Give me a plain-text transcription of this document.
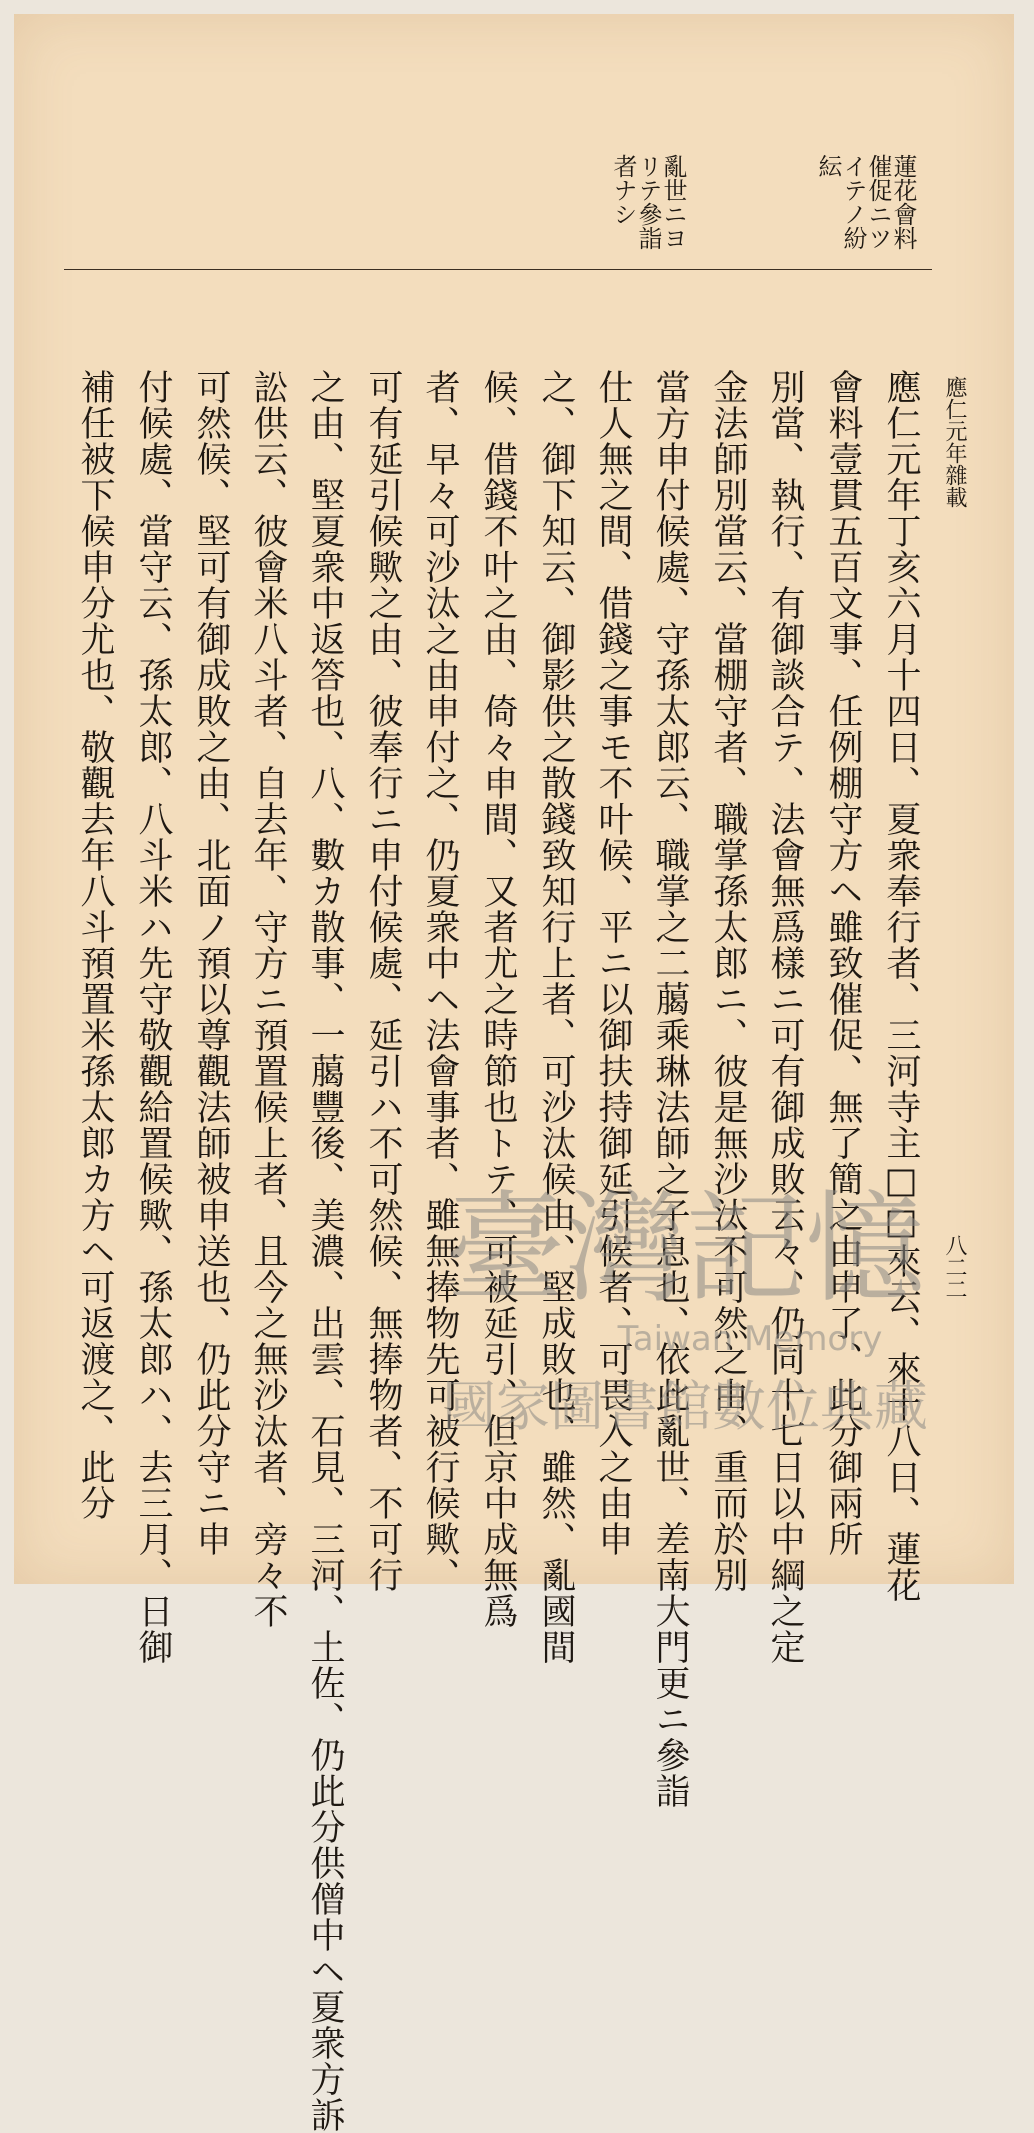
應仁元年雜載
八二二
蓮花會料
催促ニツ
イテノ紛
紜
亂世ニヨ
リテ參詣
者ナシ
應仁元年丁亥六月十四日、夏衆奉行者、三河寺主□□來云、來十八日、蓮花
會料壹貫五百文事、任例棚守方ヘ雖致催促、無了簡之由申了、此分御兩所
別當、執行、有御談合テ、法會無爲樣ニ可有御成敗云々、仍同十七日以中綱之定
金法師別當云、當棚守者、職掌孫太郎ニ、彼是無沙汰不可然之由、重而於別
當方申付候處、守孫太郎云、職掌之二﨟乘琳法師之子息也、依此亂世、差南大門更ニ參詣
仕人無之間、借錢之事モ不叶候、平ニ以御扶持御延引候者、可畏入之由申
之、御下知云、御影供之散錢致知行上者、可沙汰候由、堅成敗也、雖然、亂國間
候、借錢不叶之由、倚々申間、又者尤之時節也トテ、可被延引、但京中成無爲
者、早々可沙汰之由申付之、仍夏衆中ヘ法會事者、雖無捧物先可被行候歟、
可有延引候歟之由、彼奉行ニ申付候處、延引ハ不可然候、無捧物者、不可行
之由、堅夏衆中返答也、八、數カ散事、一﨟豐後、美濃、出雲、石見、三河、土佐、仍此分供僧中ヘ夏衆方訴
訟供云、彼會米八斗者、自去年、守方ニ預置候上者、且今之無沙汰者、旁々不
可然候、堅可有御成敗之由、北面ノ預以尊觀法師被申送也、仍此分守ニ申
付候處、當守云、孫太郎、八斗米ハ先守敬觀給置候歟、孫太郎ハ、去三月、日御
補任被下候申分尤也、敬觀去年八斗預置米孫太郎カ方ヘ可返渡之、此分	臺灣記憶
Taiwan Memory
國家圖書館數位典藏
